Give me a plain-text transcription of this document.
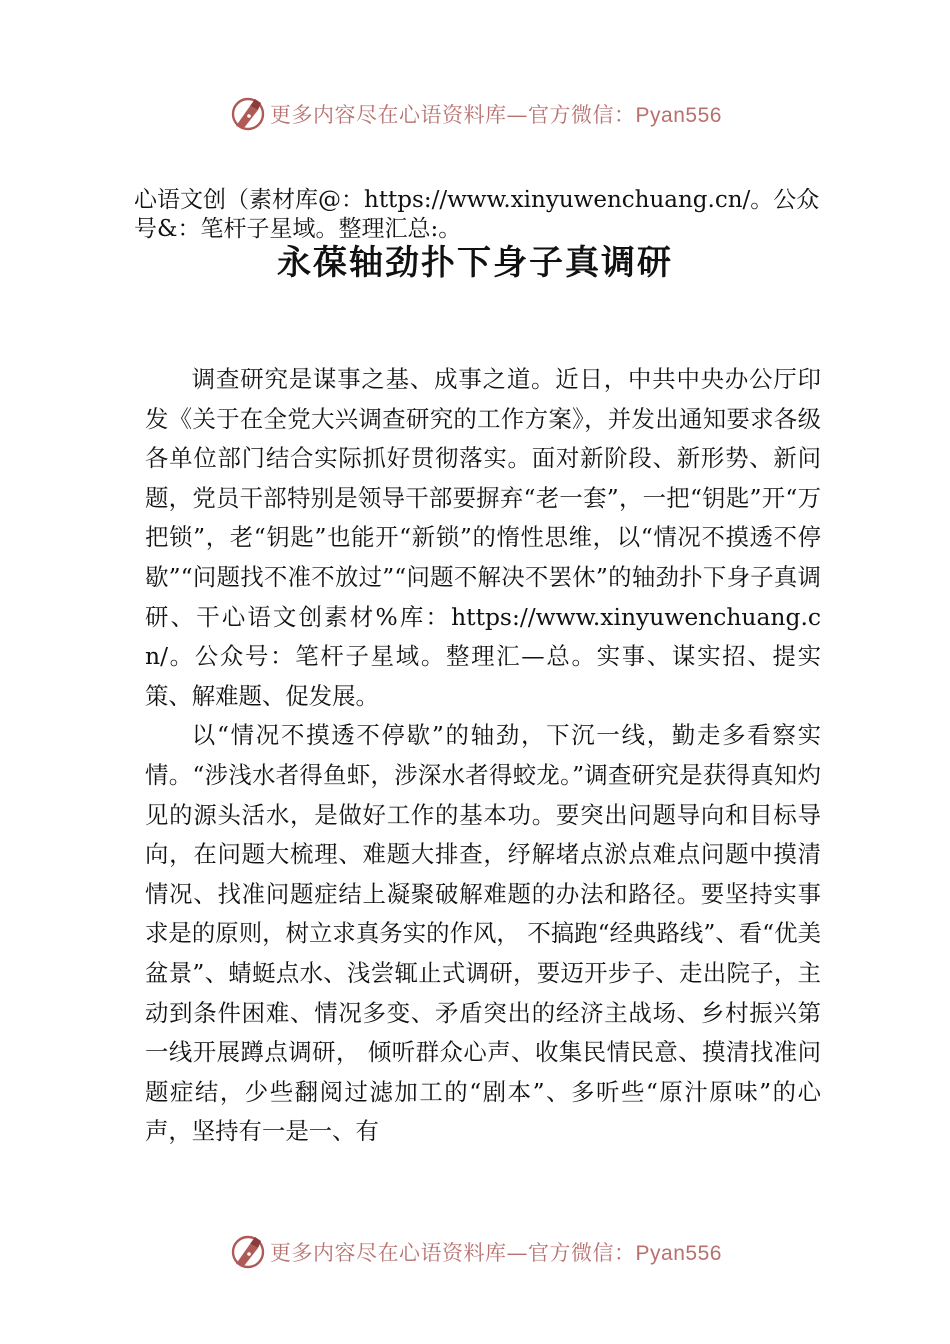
更多内容尽在心语资料库—官方微信：Pyan556
心语文创（素材库@：https://www.xinyuwenchuang.cn/。公众号&：笔杆子星域。整理汇总:。
永葆轴劲扑下身子真调研

调查研究是谋事之基、成事之道。近日，中共中央办公厅印发《关于在全党大兴调查研究的工作方案》，并发出通知要求各级各单位部门结合实际抓好贯彻落实。面对新阶段、新形势、新问题，党员干部特别是领导干部要摒弃“老一套”，一把“钥匙”开“万把锁”，老“钥匙”也能开“新锁”的惰性思维，以“情况不摸透不停歇”“问题找不准不放过”“问题不解决不罢休”的轴劲扑下身子真调研、干心语文创素材%库：https://www.xinyuwenchuang.cn/。公众号：笔杆子星域。整理汇—总。实事、谋实招、提实策、解难题、促发展。

以“情况不摸透不停歇”的轴劲，下沉一线，勤走多看察实情。“涉浅水者得鱼虾，涉深水者得蛟龙。”调查研究是获得真知灼见的源头活水，是做好工作的基本功。要突出问题导向和目标导向，在问题大梳理、难题大排查，纾解堵点淤点难点问题中摸清情况、找准问题症结上凝聚破解难题的办法和路径。要坚持实事求是的原则，树立求真务实的作风， 不搞跑“经典路线”、看“优美盆景”、蜻蜓点水、浅尝辄止式调研，要迈开步子、走出院子，主动到条件困难、情况多变、矛盾突出的经济主战场、乡村振兴第一线开展蹲点调研， 倾听群众心声、收集民情民意、摸清找准问题症结，少些翻阅过滤加工的“剧本”、多听些“原汁原味”的心声，坚持有一是一、有

更多内容尽在心语资料库—官方微信：Pyan556
